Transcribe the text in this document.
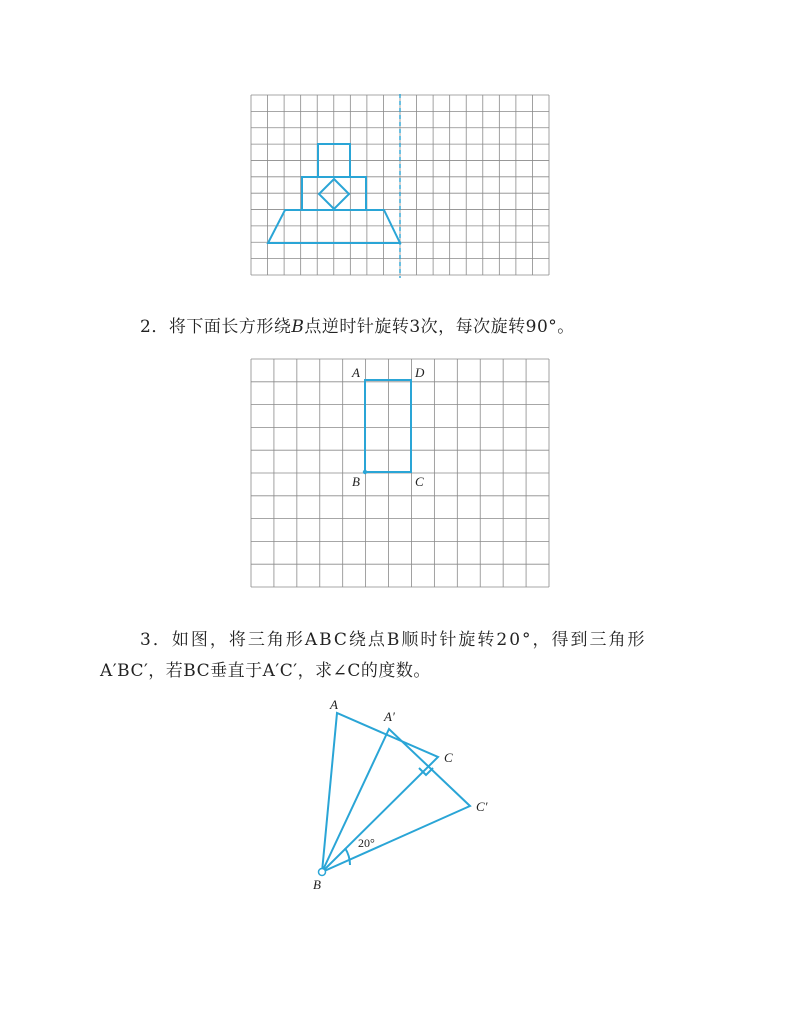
2．将下面长方形绕B点逆时针旋转3次，每次旋转90°。
A	D
B	C
3．如图，将三角形ABC绕点B顺时针旋转20°，得到三角形
A′BC′，若BC垂直于A′C′，求∠C的度数。
A
A′
C
C′
B
20°
